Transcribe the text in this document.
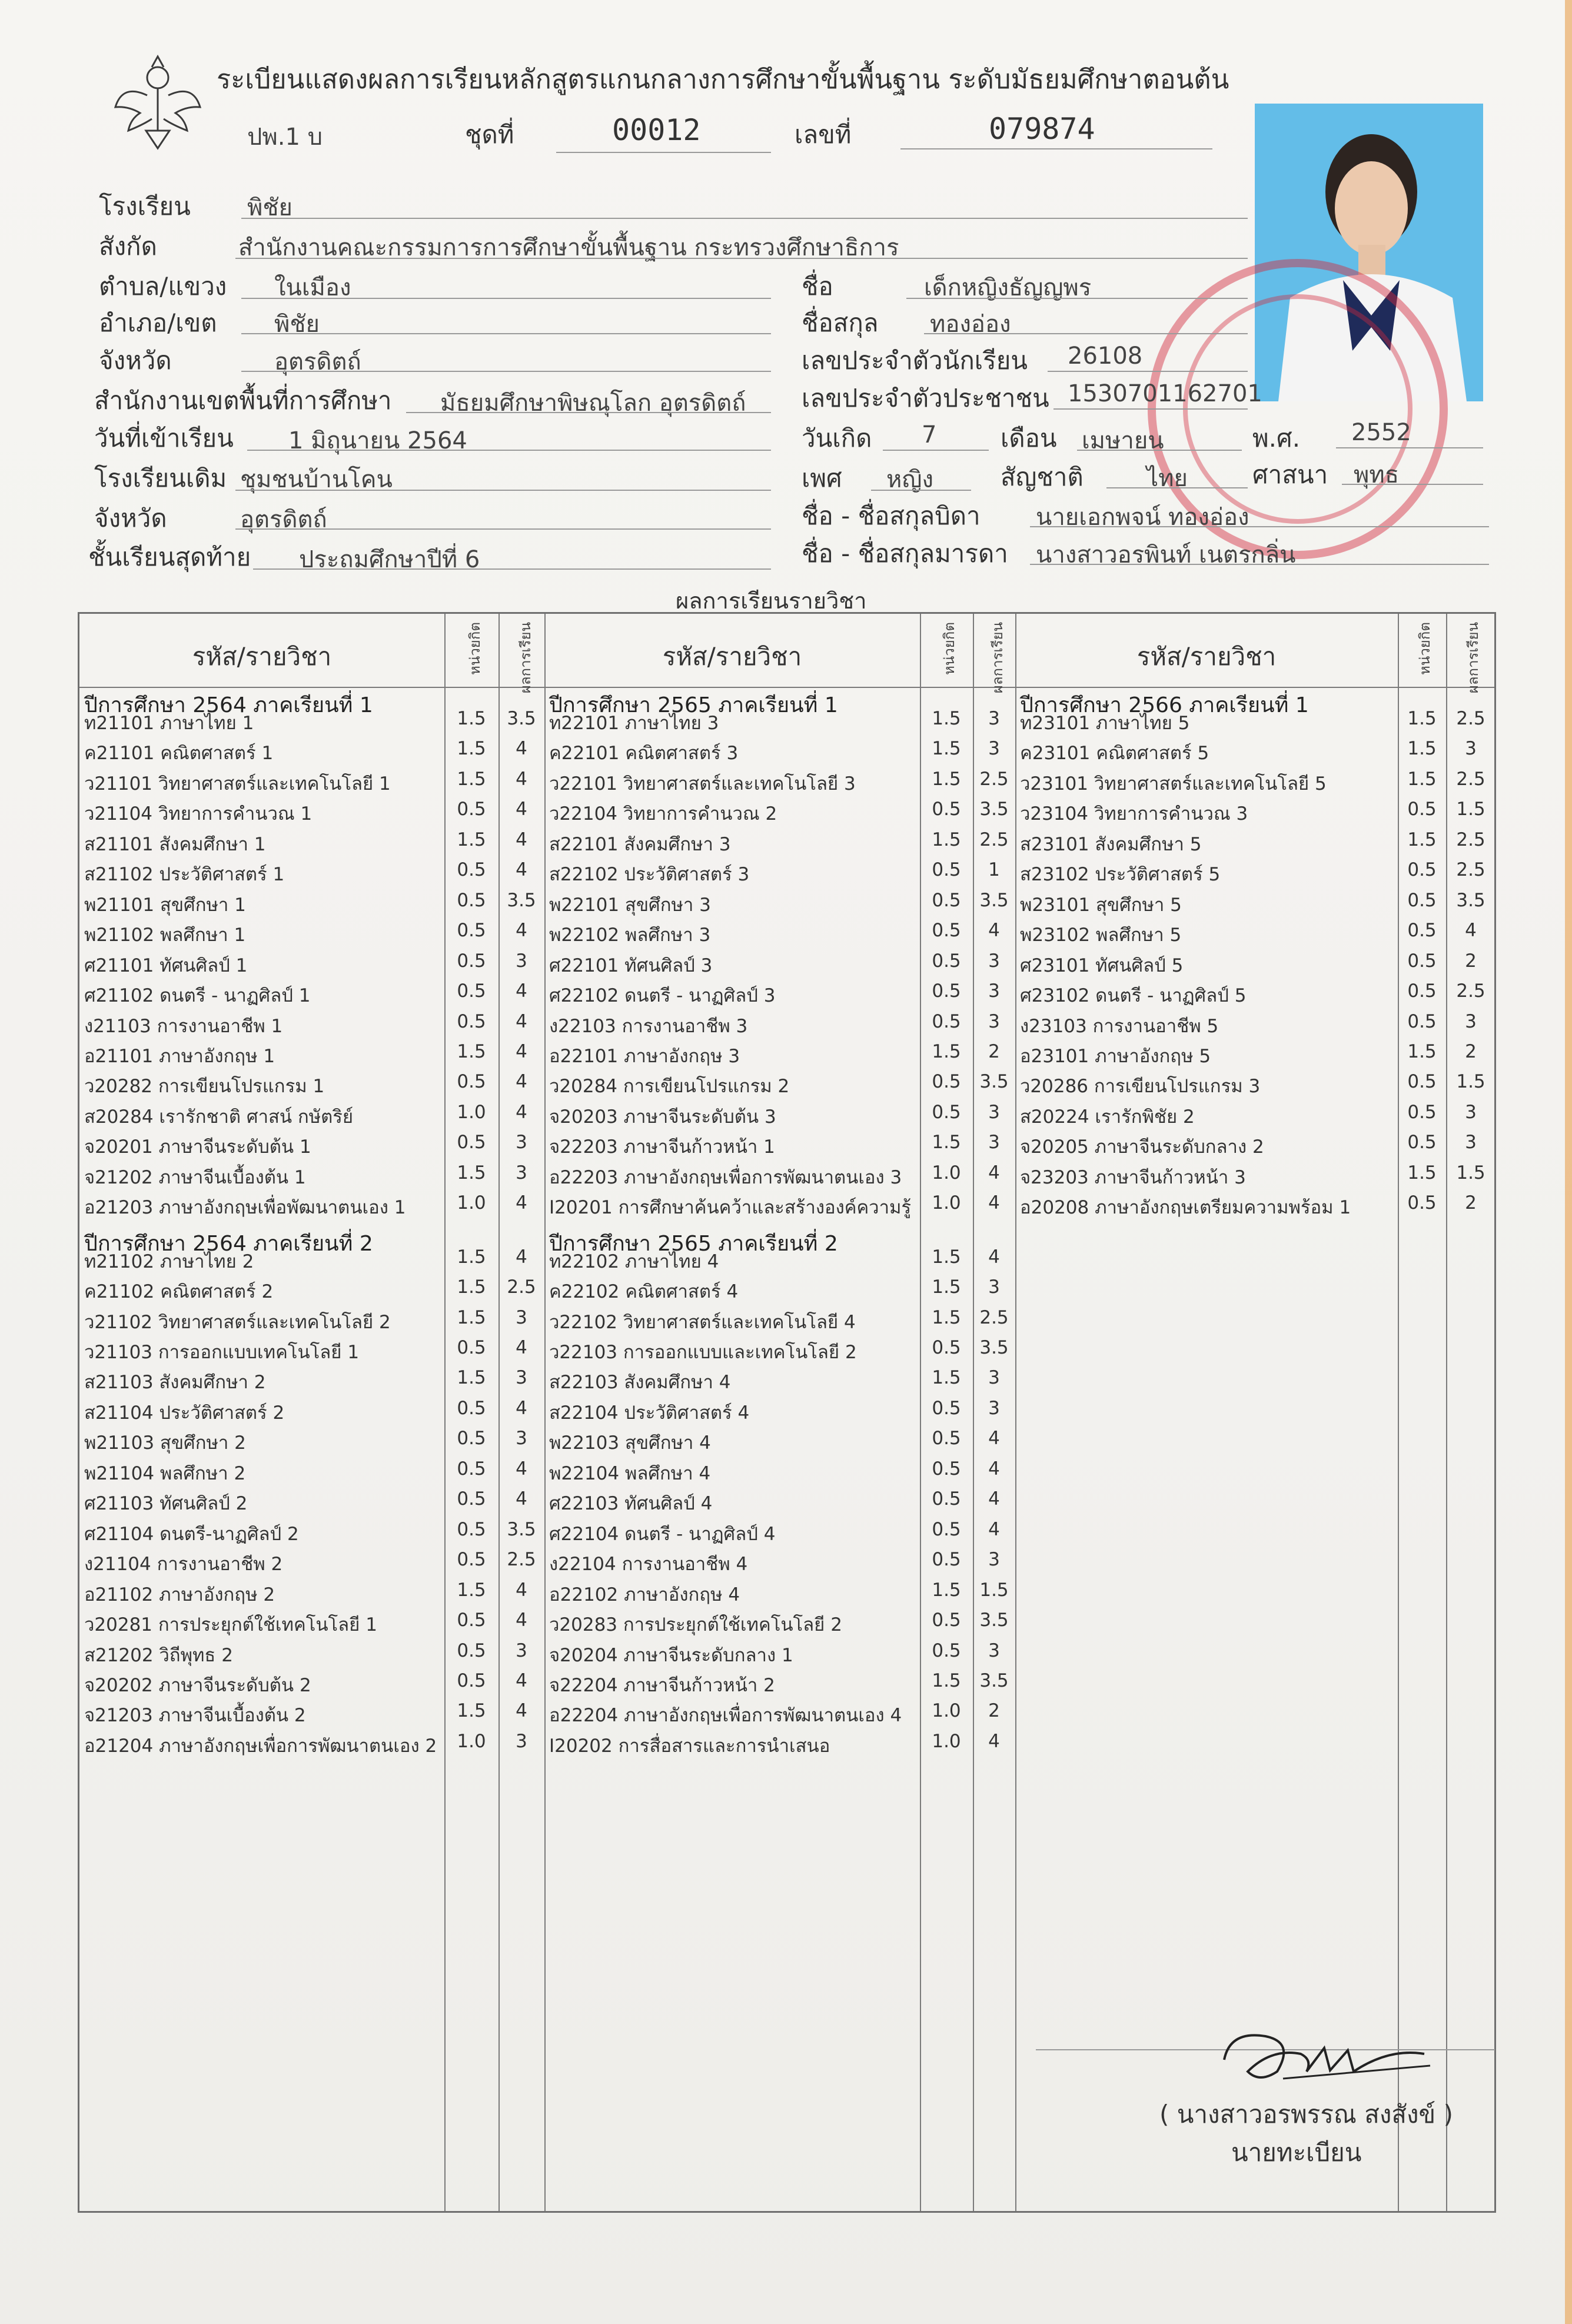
ระเบียนแสดงผลการเรียนหลักสูตรแกนกลางการศึกษาขั้นพื้นฐาน ระดับมัธยมศึกษาตอนต้น
ปพ.1 บ	ชุดที่	00012	เลขที่	079874
โรงเรียน พิชัย
สังกัด	สำนักงานคณะกรรมการการศึกษาขั้นพื้นฐาน กระทรวงศึกษาธิการ
ตำบล/แขวง ในเมือง
อำเภอ/เขต พิชัย
จังหวัด	อุตรดิตถ์
สำนักงานเขตพื้นที่การศึกษา มัธยมศึกษาพิษณุโลก อุตรดิตถ์
วันที่เข้าเรียน 1 มิถุนายน 2564
โรงเรียนเดิม ชุมชนบ้านโคน
จังหวัด	อุตรดิตถ์
ชั้นเรียนสุดท้าย ประถมศึกษาปีที่ 6
ชื่อ	เด็กหญิงธัญญพร
ชื่อสกุล ทองอ่อง
เลขประจำตัวนักเรียน 26108
เลขประจำตัวประชาชน 1530701162701
วันเกิด 7	เดือน เมษายน	พ.ศ. 2552
เพศ หญิง	สัญชาติ	ไทย	ศาสนา พุทธ
ชื่อ - ชื่อสกุลบิดา นายเอกพจน์ ทองอ่อง
ชื่อ - ชื่อสกุลมารดา นางสาวอรพินท์ เนตรกลิ่น
ผลการเรียนรายวิชา
รหัส/รายวิชา	หน่วยกิต ผลการเรียน	รหัส/รายวิชา	หน่วยกิต ผลการเรียน	รหัส/รายวิชา	หน่วยกิต ผลการเรียน
ปีการศึกษา 2564 ภาคเรียนที่ 1
ท21101 ภาษาไทย 1	1.5	3.5
ค21101 คณิตศาสตร์ 1	1.5	4
ว21101 วิทยาศาสตร์และเทคโนโลยี 1	1.5	4
ว21104 วิทยาการคำนวณ 1	0.5	4
ส21101 สังคมศึกษา 1	1.5	4
ส21102 ประวัติศาสตร์ 1	0.5	4
พ21101 สุขศึกษา 1	0.5	3.5
พ21102 พลศึกษา 1	0.5	4
ศ21101 ทัศนศิลป์ 1	0.5	3
ศ21102 ดนตรี - นาฏศิลป์ 1	0.5	4
ง21103 การงานอาชีพ 1	0.5	4
อ21101 ภาษาอังกฤษ 1	1.5	4
ว20282 การเขียนโปรแกรม 1	0.5	4
ส20284 เรารักชาติ ศาสน์ กษัตริย์	1.0	4
จ20201 ภาษาจีนระดับต้น 1	0.5	3
จ21202 ภาษาจีนเบื้องต้น 1	1.5	3
อ21203 ภาษาอังกฤษเพื่อพัฒนาตนเอง 1	1.0	4
ปีการศึกษา 2564 ภาคเรียนที่ 2
ท21102 ภาษาไทย 2	1.5	4
ค21102 คณิตศาสตร์ 2	1.5	2.5
ว21102 วิทยาศาสตร์และเทคโนโลยี 2	1.5	3
ว21103 การออกแบบเทคโนโลยี 1	0.5	4
ส21103 สังคมศึกษา 2	1.5	3
ส21104 ประวัติศาสตร์ 2	0.5	4
พ21103 สุขศึกษา 2	0.5	3
พ21104 พลศึกษา 2	0.5	4
ศ21103 ทัศนศิลป์ 2	0.5	4
ศ21104 ดนตรี-นาฏศิลป์ 2	0.5	3.5
ง21104 การงานอาชีพ 2	0.5	2.5
อ21102 ภาษาอังกฤษ 2	1.5	4
ว20281 การประยุกต์ใช้เทคโนโลยี 1	0.5	4
ส21202 วิถีพุทธ 2	0.5	3
จ20202 ภาษาจีนระดับต้น 2	0.5	4
จ21203 ภาษาจีนเบื้องต้น 2	1.5	4
อ21204 ภาษาอังกฤษเพื่อการพัฒนาตนเอง 2	1.0	3
ปีการศึกษา 2565 ภาคเรียนที่ 1
ท22101 ภาษาไทย 3	1.5	3
ค22101 คณิตศาสตร์ 3	1.5	3
ว22101 วิทยาศาสตร์และเทคโนโลยี 3	1.5	2.5
ว22104 วิทยาการคำนวณ 2	0.5	3.5
ส22101 สังคมศึกษา 3	1.5	2.5
ส22102 ประวัติศาสตร์ 3	0.5	1
พ22101 สุขศึกษา 3	0.5	3.5
พ22102 พลศึกษา 3	0.5	4
ศ22101 ทัศนศิลป์ 3	0.5	3
ศ22102 ดนตรี - นาฏศิลป์ 3	0.5	3
ง22103 การงานอาชีพ 3	0.5	3
อ22101 ภาษาอังกฤษ 3	1.5	2
ว20284 การเขียนโปรแกรม 2	0.5	3.5
จ20203 ภาษาจีนระดับต้น 3	0.5	3
จ22203 ภาษาจีนก้าวหน้า 1	1.5	3
อ22203 ภาษาอังกฤษเพื่อการพัฒนาตนเอง 3	1.0	4
I20201 การศึกษาค้นคว้าและสร้างองค์ความรู้	1.0	4
ปีการศึกษา 2565 ภาคเรียนที่ 2
ท22102 ภาษาไทย 4	1.5	4
ค22102 คณิตศาสตร์ 4	1.5	3
ว22102 วิทยาศาสตร์และเทคโนโลยี 4	1.5	2.5
ว22103 การออกแบบและเทคโนโลยี 2	0.5	3.5
ส22103 สังคมศึกษา 4	1.5	3
ส22104 ประวัติศาสตร์ 4	0.5	3
พ22103 สุขศึกษา 4	0.5	4
พ22104 พลศึกษา 4	0.5	4
ศ22103 ทัศนศิลป์ 4	0.5	4
ศ22104 ดนตรี - นาฏศิลป์ 4	0.5	4
ง22104 การงานอาชีพ 4	0.5	3
อ22102 ภาษาอังกฤษ 4	1.5	1.5
ว20283 การประยุกต์ใช้เทคโนโลยี 2	0.5	3.5
จ20204 ภาษาจีนระดับกลาง 1	0.5	3
จ22204 ภาษาจีนก้าวหน้า 2	1.5	3.5
อ22204 ภาษาอังกฤษเพื่อการพัฒนาตนเอง 4	1.0	2
I20202 การสื่อสารและการนำเสนอ	1.0	4
ปีการศึกษา 2566 ภาคเรียนที่ 1
ท23101 ภาษาไทย 5	1.5	2.5
ค23101 คณิตศาสตร์ 5	1.5	3
ว23101 วิทยาศาสตร์และเทคโนโลยี 5	1.5	2.5
ว23104 วิทยาการคำนวณ 3	0.5	1.5
ส23101 สังคมศึกษา 5	1.5	2.5
ส23102 ประวัติศาสตร์ 5	0.5	2.5
พ23101 สุขศึกษา 5	0.5	3.5
พ23102 พลศึกษา 5	0.5	4
ศ23101 ทัศนศิลป์ 5	0.5	2
ศ23102 ดนตรี - นาฏศิลป์ 5	0.5	2.5
ง23103 การงานอาชีพ 5	0.5	3
อ23101 ภาษาอังกฤษ 5	1.5	2
ว20286 การเขียนโปรแกรม 3	0.5	1.5
ส20224 เรารักพิชัย 2	0.5	3
จ20205 ภาษาจีนระดับกลาง 2	0.5	3
จ23203 ภาษาจีนก้าวหน้า 3	1.5	1.5
อ20208 ภาษาอังกฤษเตรียมความพร้อม 1	0.5	2
( นางสาวอรพรรณ สงสังข์ )
นายทะเบียน
